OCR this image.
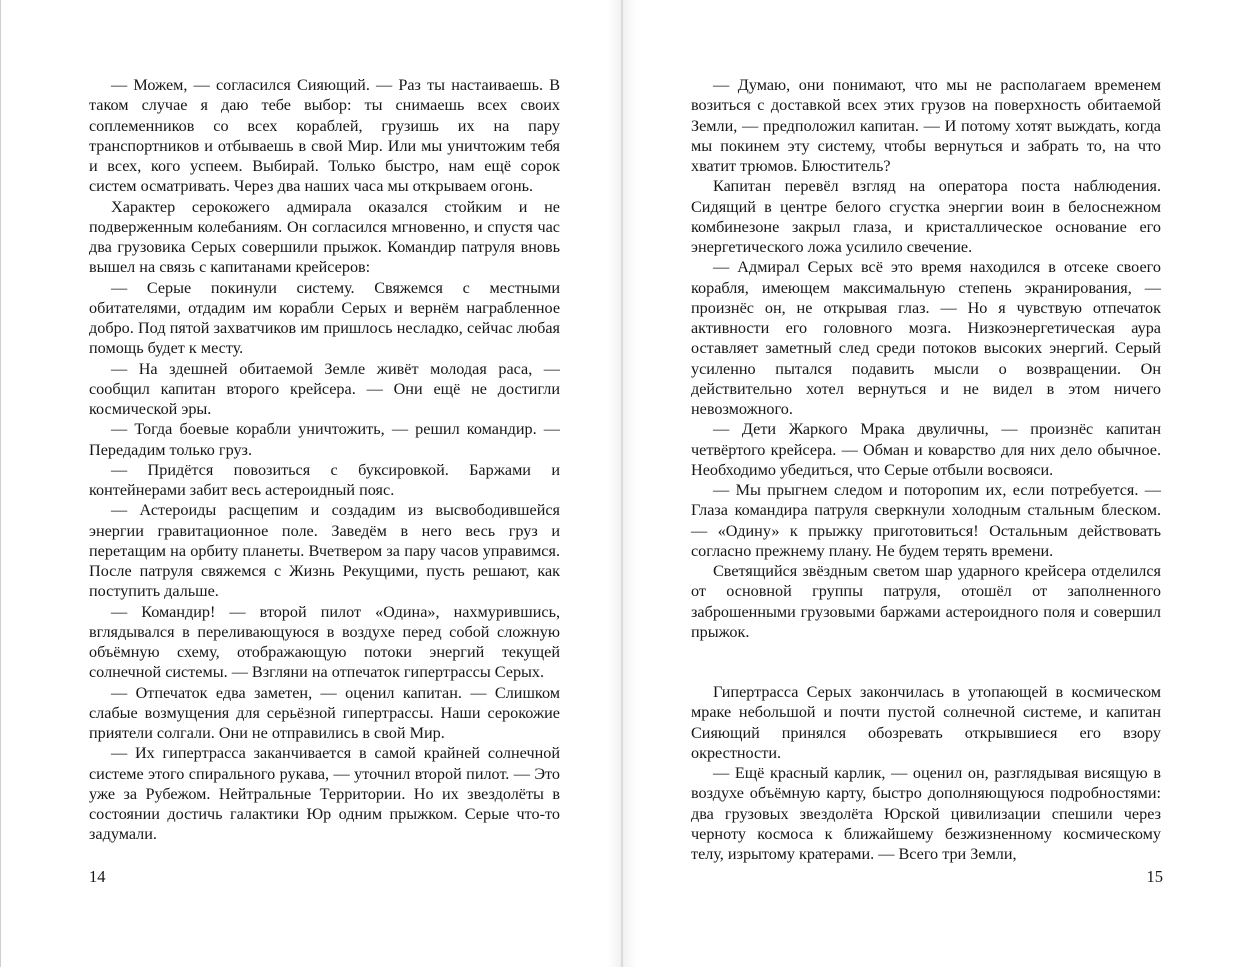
— Можем, — согласился Сияющий. — Раз ты настаиваешь. В таком случае я даю тебе выбор: ты снимаешь всех своих соплеменников со всех кораблей, грузишь их на пару транспортников и отбываешь в свой Мир. Или мы уничтожим тебя и всех, кого успеем. Выбирай. Только быстро, нам ещё сорок систем осматривать. Через два наших часа мы открываем огонь.

Характер серокожего адмирала оказался стойким и не подверженным колебаниям. Он согласился мгновенно, и спустя час два грузовика Серых совершили прыжок. Командир патруля вновь вышел на связь с капитанами крейсеров:

— Серые покинули систему. Свяжемся с местными обитателями, отдадим им корабли Серых и вернём награбленное добро. Под пятой захватчиков им пришлось несладко, сейчас любая помощь будет к месту.

— На здешней обитаемой Земле живёт молодая раса, — сообщил капитан второго крейсера. — Они ещё не достигли космической эры.

— Тогда боевые корабли уничтожить, — решил командир. — Передадим только груз.

— Придётся повозиться с буксировкой. Баржами и контейнерами забит весь астероидный пояс.

— Астероиды расщепим и создадим из высвободившейся энергии гравитационное поле. Заведём в него весь груз и перетащим на орбиту планеты. Вчетвером за пару часов управимся. После патруля свяжемся с Жизнь Рекущими, пусть решают, как поступить дальше.

— Командир! — второй пилот «Одина», нахмурившись, вглядывался в переливающуюся в воздухе перед собой сложную объёмную схему, отображающую потоки энергий текущей солнечной системы. — Взгляни на отпечаток гипертрассы Серых.

— Отпечаток едва заметен, — оценил капитан. — Слишком слабые возмущения для серьёзной гипертрассы. Наши серокожие приятели солгали. Они не отправились в свой Мир.

— Их гипертрасса заканчивается в самой крайней солнечной системе этого спирального рукава, — уточнил второй пилот. — Это уже за Рубежом. Нейтральные Территории. Но их звездолёты в состоянии достичь галактики Юр одним прыжком. Серые что-то задумали.

14

— Думаю, они понимают, что мы не располагаем временем возиться с доставкой всех этих грузов на поверхность обитаемой Земли, — предположил капитан. — И потому хотят выждать, когда мы покинем эту систему, чтобы вернуться и забрать то, на что хватит трюмов. Блюститель?

Капитан перевёл взгляд на оператора поста наблюдения. Сидящий в центре белого сгустка энергии воин в белоснежном комбинезоне закрыл глаза, и кристаллическое основание его энергетического ложа усилило свечение.

— Адмирал Серых всё это время находился в отсеке своего корабля, имеющем максимальную степень экранирования, — произнёс он, не открывая глаз. — Но я чувствую отпечаток активности его головного мозга. Низкоэнергетическая аура оставляет заметный след среди потоков высоких энергий. Серый усиленно пытался подавить мысли о возвращении. Он действительно хотел вернуться и не видел в этом ничего невозможного.

— Дети Жаркого Мрака двуличны, — произнёс капитан четвёртого крейсера. — Обман и коварство для них дело обычное. Необходимо убедиться, что Серые отбыли восвояси.

— Мы прыгнем следом и поторопим их, если потребуется. — Глаза командира патруля сверкнули холодным стальным блеском. — «Одину» к прыжку приготовиться! Остальным действовать согласно прежнему плану. Не будем терять времени.

Светящийся звёздным светом шар ударного крейсера отделился от основной группы патруля, отошёл от заполненного заброшенными грузовыми баржами астероидного поля и совершил прыжок.

Гипертрасса Серых закончилась в утопающей в космическом мраке небольшой и почти пустой солнечной системе, и капитан Сияющий принялся обозревать открывшиеся его взору окрестности.

— Ещё красный карлик, — оценил он, разглядывая висящую в воздухе объёмную карту, быстро дополняющуюся подробностями: два грузовых звездолёта Юрской цивилизации спешили через черноту космоса к ближайшему безжизненному космическому телу, изрытому кратерами. — Всего три Земли,

15
